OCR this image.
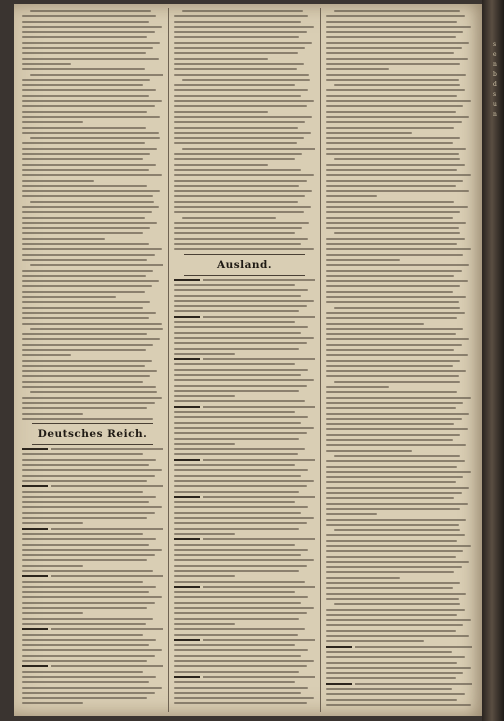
Deutsches Reich.
Ausland.
s
e
n
b
d
s
u
n
